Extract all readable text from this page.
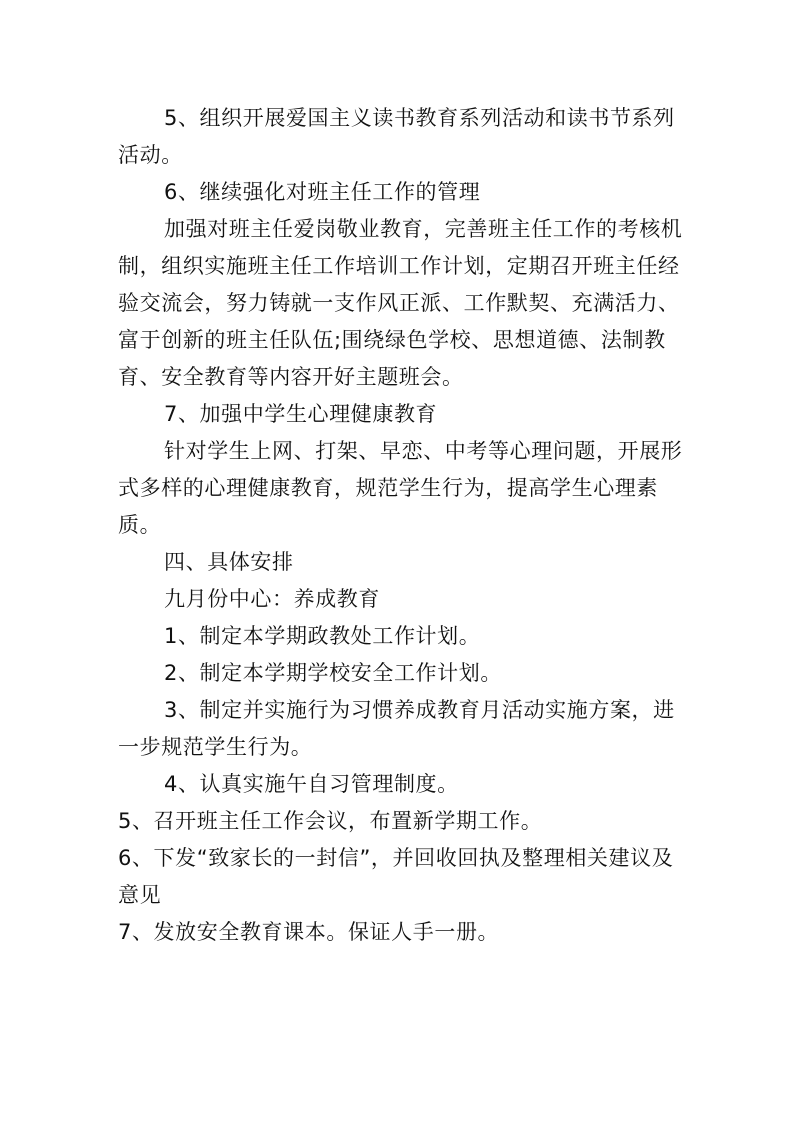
5、组织开展爱国主义读书教育系列活动和读书节系列活动。

6、继续强化对班主任工作的管理

加强对班主任爱岗敬业教育，完善班主任工作的考核机制，组织实施班主任工作培训工作计划，定期召开班主任经验交流会，努力铸就一支作风正派、工作默契、充满活力、富于创新的班主任队伍;围绕绿色学校、思想道德、法制教育、安全教育等内容开好主题班会。

7、加强中学生心理健康教育

针对学生上网、打架、早恋、中考等心理问题，开展形式多样的心理健康教育，规范学生行为，提高学生心理素质。

四、具体安排

九月份中心：养成教育

1、制定本学期政教处工作计划。

2、制定本学期学校安全工作计划。

3、制定并实施行为习惯养成教育月活动实施方案，进一步规范学生行为。

4、认真实施午自习管理制度。

5、召开班主任工作会议，布置新学期工作。

6、下发“致家长的一封信”，并回收回执及整理相关建议及意见

7、发放安全教育课本。保证人手一册。
